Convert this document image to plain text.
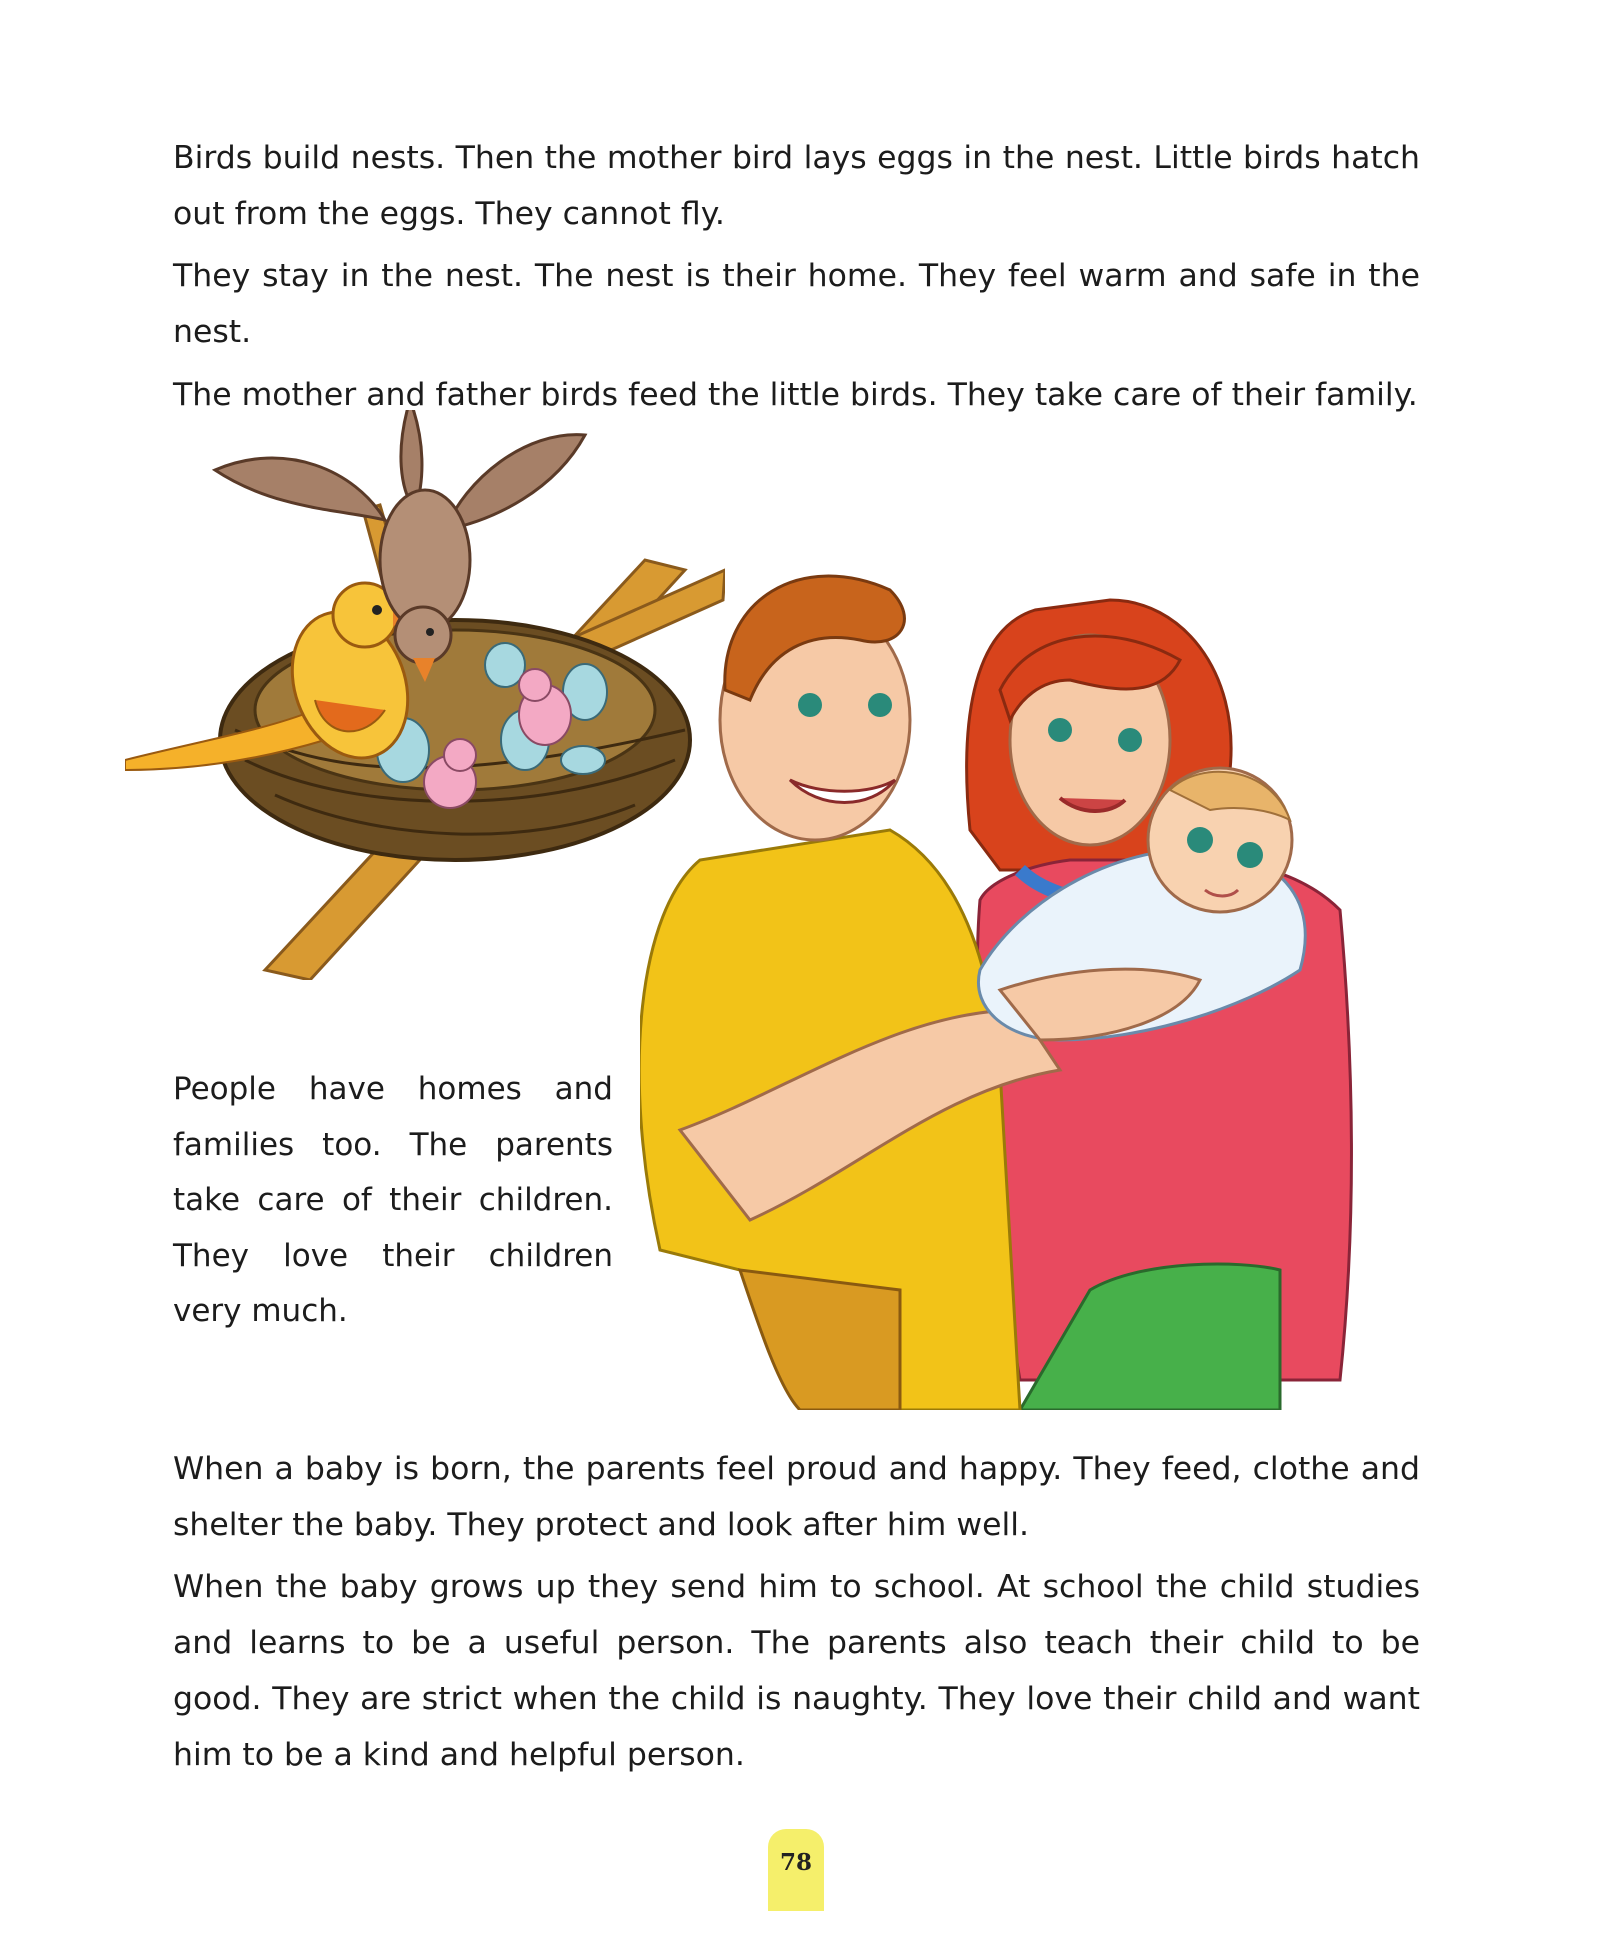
Birds build nests. Then the mother bird lays eggs in the nest. Little birds hatch out from the eggs. They cannot fly.

They stay in the nest. The nest is their home. They feel warm and safe in the nest.

The mother and father birds feed the little birds. They take care of their family.

People have homes and families too. The parents take care of their children. They love their children very much.

When a baby is born, the parents feel proud and happy. They feed, clothe and shelter the baby. They protect and look after him well.

When the baby grows up they send him to school. At school the child studies and learns to be a useful person. The parents also teach their child to be good. They are strict when the child is naughty. They love their child and want him to be a kind and helpful person.

78
